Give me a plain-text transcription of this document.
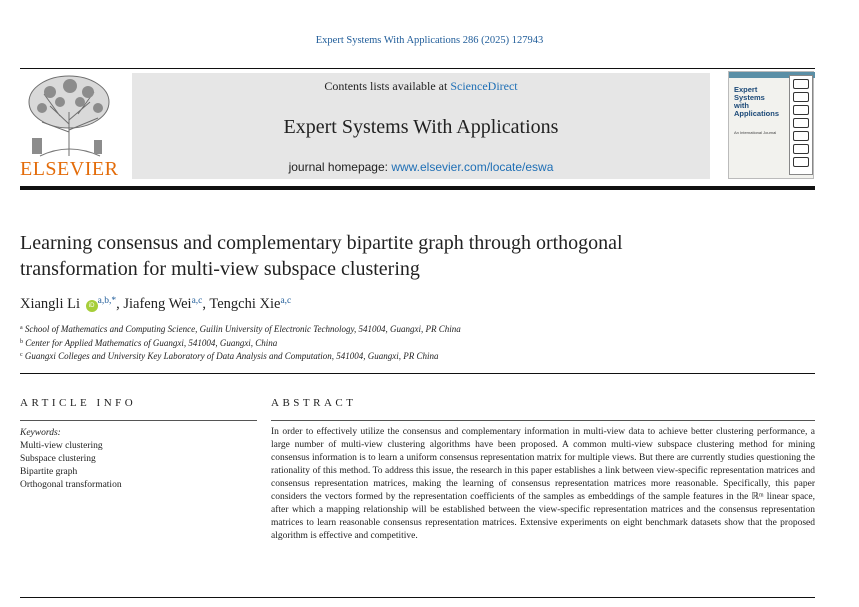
Expert Systems With Applications 286 (2025) 127943
ELSEVIER
Contents lists available at ScienceDirect
Expert Systems With Applications
journal homepage: www.elsevier.com/locate/eswa
Expert
Systems
with
Applications
An International Journal
Learning consensus and complementary bipartite graph through orthogonal transformation for multi-view subspace clustering
Xiangli Li iD $^{a,b,*}$, Jiafeng Wei$^{a,c}$, Tengchi Xie$^{a,c}$
$^a$ School of Mathematics and Computing Science, Guilin University of Electronic Technology, 541004, Guangxi, PR China
$^b$ Center for Applied Mathematics of Guangxi, 541004, Guangxi, China
$^c$ Guangxi Colleges and University Key Laboratory of Data Analysis and Computation, 541004, Guangxi, PR China
ARTICLE INFO
Keywords:
Multi-view clustering
Subspace clustering
Bipartite graph
Orthogonal transformation
ABSTRACT
In order to effectively utilize the consensus and complementary information in multi-view data to achieve better clustering performance, a large number of multi-view clustering algorithms have been proposed. A common multi-view subspace clustering method for mining consensus information is to learn a uniform consensus representation matrix for multiple views. But there are currently studies questioning the rationality of this method. To address this issue, the research in this paper establishes a link between view-specific representation matrices and consensus representation matrices, making the learning of consensus representation matrices more reasonable. Specifically, this paper considers the vectors formed by the representation coefficients of the samples as embeddings of the sample features in the ℝᵐ linear space, after which a mapping relationship will be established between the view-specific representation matrices and the consensus representation matrices to learn reasonable consensus representation matrices. Extensive experiments on eight benchmark datasets show that the proposed algorithm is effective and competitive.
